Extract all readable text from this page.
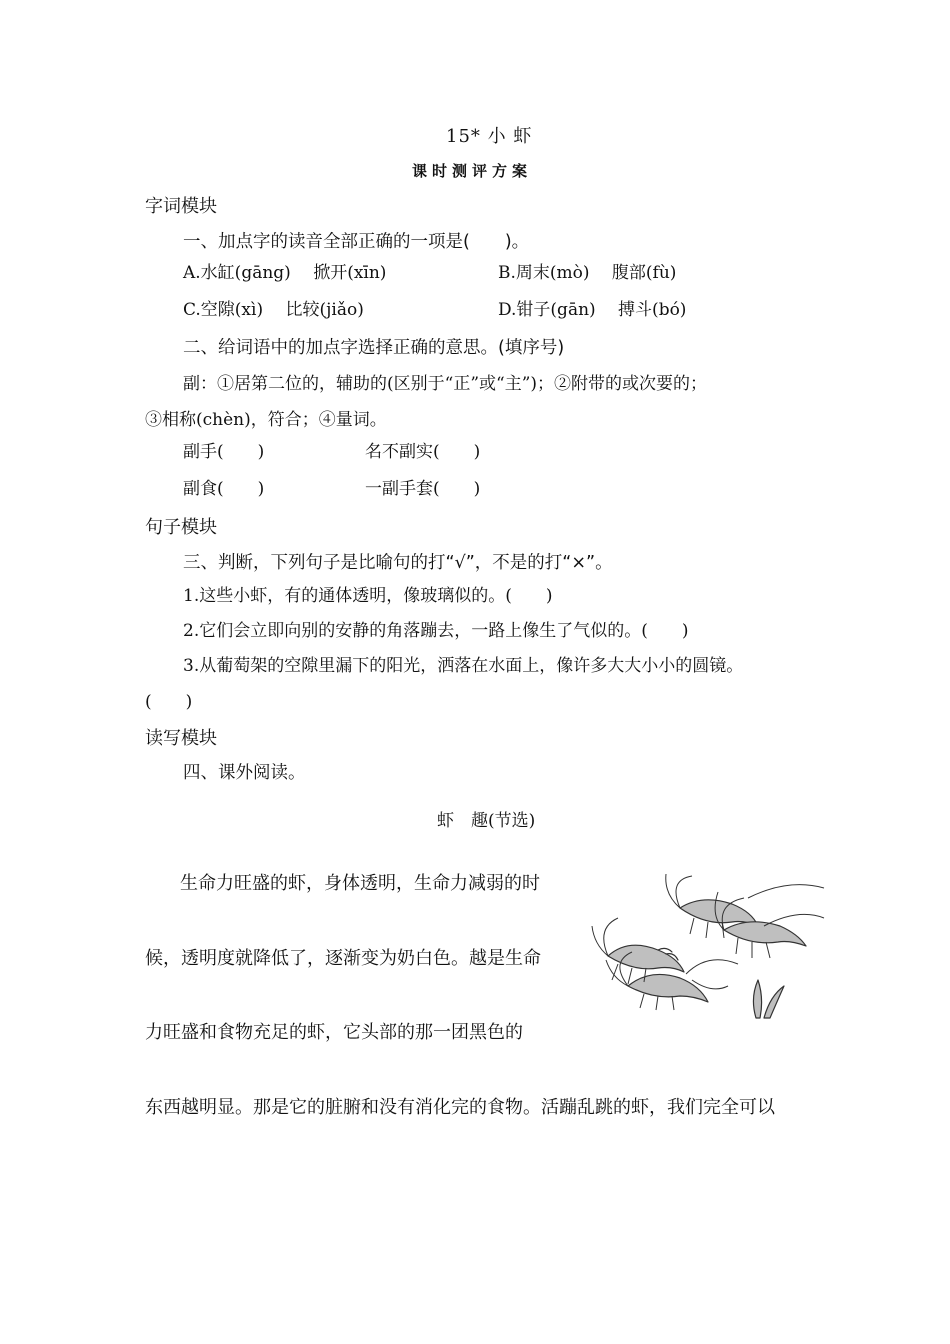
15* 小 虾
课时测评方案
字词模块
一、加点字的读音全部正确的一项是(　　)。
A.水缸(gāng)　 掀开(xīn)	B.周末(mò)　 腹部(fù)
C.空隙(xì)　 比较(jiǎo)	D.钳子(gān)　 搏斗(bó)
二、给词语中的加点字选择正确的意思。(填序号)
副：①居第二位的，辅助的(区别于“正”或“主”)；②附带的或次要的；
③相称(chèn)，符合；④量词。
副手(　　)	名不副实(　　)
副食(　　)	一副手套(　　)
句子模块
三、判断，下列句子是比喻句的打“√”，不是的打“×”。
1.这些小虾，有的通体透明，像玻璃似的。(　　)
2.它们会立即向别的安静的角落蹦去，一路上像生了气似的。(　　)
3.从葡萄架的空隙里漏下的阳光，洒落在水面上，像许多大大小小的圆镜。
(　　)
读写模块
四、课外阅读。
虾　趣(节选)
生命力旺盛的虾，身体透明，生命力减弱的时
候，透明度就降低了，逐渐变为奶白色。越是生命
力旺盛和食物充足的虾，它头部的那一团黑色的
东西越明显。那是它的脏腑和没有消化完的食物。活蹦乱跳的虾，我们完全可以
